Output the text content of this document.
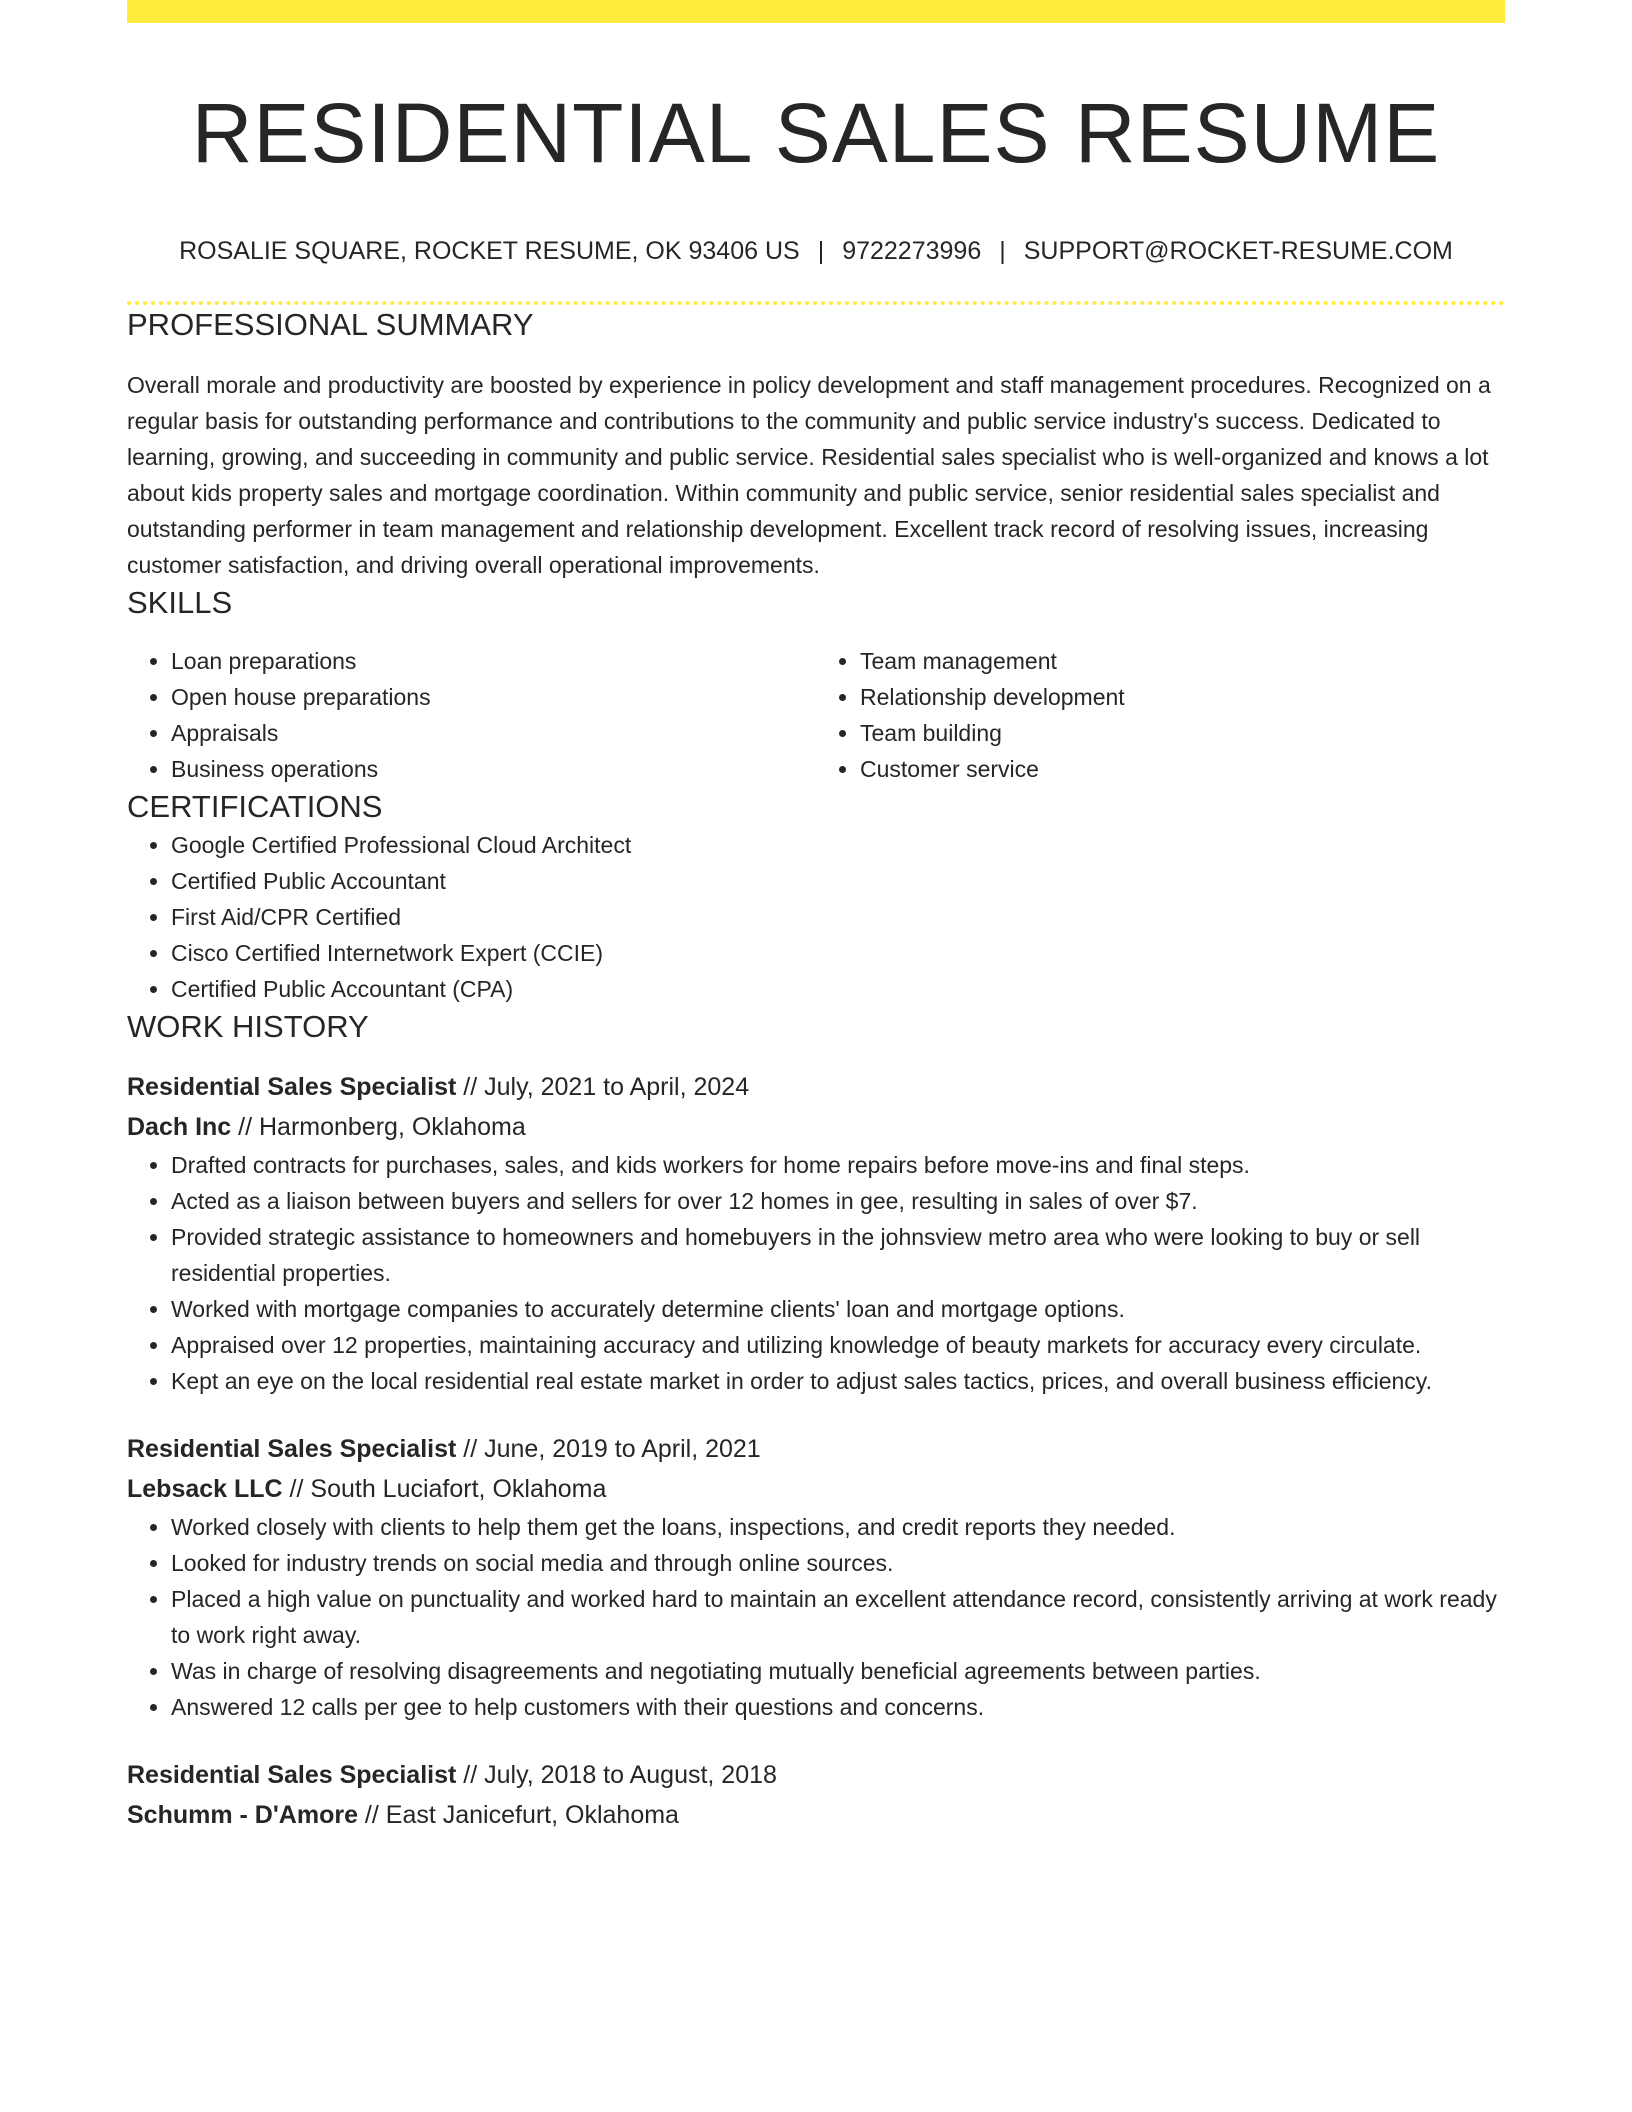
RESIDENTIAL SALES RESUME
ROSALIE SQUARE, ROCKET RESUME, OK 93406 US | 9722273996 | SUPPORT@ROCKET-RESUME.COM
PROFESSIONAL SUMMARY

Overall morale and productivity are boosted by experience in policy development and staff management procedures. Recognized on a regular basis for outstanding performance and contributions to the community and public service industry's success. Dedicated to learning, growing, and succeeding in community and public service. Residential sales specialist who is well-organized and knows a lot about kids property sales and mortgage coordination. Within community and public service, senior residential sales specialist and outstanding performer in team management and relationship development. Excellent track record of resolving issues, increasing customer satisfaction, and driving overall operational improvements.

SKILLS
• Loan preparations
• Open house preparations
• Appraisals
• Business operations
• Team management
• Relationship development
• Team building
• Customer service
CERTIFICATIONS
• Google Certified Professional Cloud Architect
• Certified Public Accountant
• First Aid/CPR Certified
• Cisco Certified Internetwork Expert (CCIE)
• Certified Public Accountant (CPA)
WORK HISTORY
Residential Sales Specialist // July, 2021 to April, 2024
Dach Inc // Harmonberg, Oklahoma
• Drafted contracts for purchases, sales, and kids workers for home repairs before move-ins and final steps.
• Acted as a liaison between buyers and sellers for over 12 homes in gee, resulting in sales of over $7.
• Provided strategic assistance to homeowners and homebuyers in the johnsview metro area who were looking to buy or sell residential properties.
• Worked with mortgage companies to accurately determine clients' loan and mortgage options.
• Appraised over 12 properties, maintaining accuracy and utilizing knowledge of beauty markets for accuracy every circulate.
• Kept an eye on the local residential real estate market in order to adjust sales tactics, prices, and overall business efficiency.
Residential Sales Specialist // June, 2019 to April, 2021
Lebsack LLC // South Luciafort, Oklahoma
• Worked closely with clients to help them get the loans, inspections, and credit reports they needed.
• Looked for industry trends on social media and through online sources.
• Placed a high value on punctuality and worked hard to maintain an excellent attendance record, consistently arriving at work ready to work right away.
• Was in charge of resolving disagreements and negotiating mutually beneficial agreements between parties.
• Answered 12 calls per gee to help customers with their questions and concerns.
Residential Sales Specialist // July, 2018 to August, 2018
Schumm - D'Amore // East Janicefurt, Oklahoma
